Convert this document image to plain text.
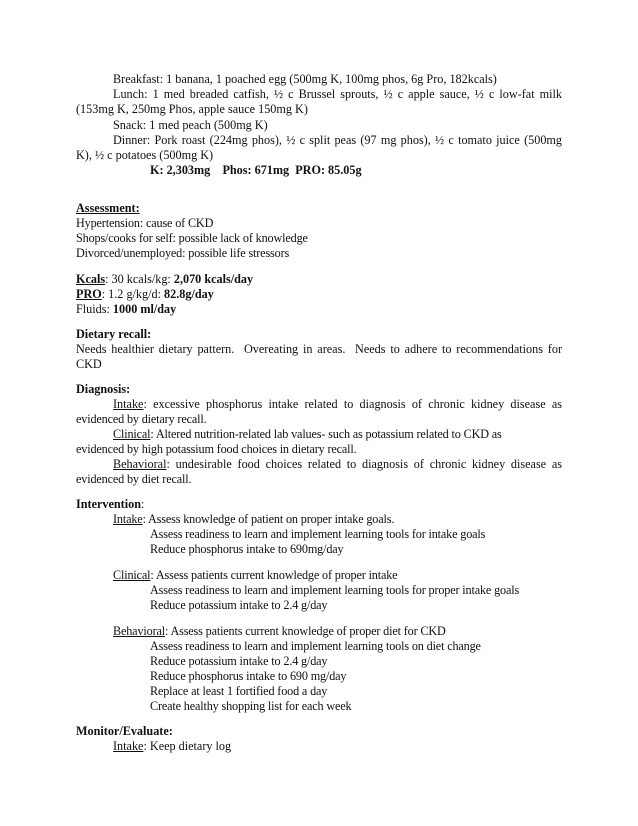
Breakfast: 1 banana, 1 poached egg (500mg K, 100mg phos, 6g Pro, 182kcals)
Lunch: 1 med breaded catfish, ½ c Brussel sprouts, ½ c apple sauce, ½ c low-fat milk
(153mg K, 250mg Phos, apple sauce 150mg K)
Snack: 1 med peach (500mg K)
Dinner: Pork roast (224mg phos), ½ c split peas (97 mg phos), ½ c tomato juice (500mg
K), ½ c potatoes (500mg K)
K: 2,303mg    Phos: 671mg  PRO: 85.05g
Assessment:
Hypertension: cause of CKD
Shops/cooks for self: possible lack of knowledge
Divorced/unemployed: possible life stressors
Kcals: 30 kcals/kg: 2,070 kcals/day
PRO: 1.2 g/kg/d: 82.8g/day
Fluids: 1000 ml/day
Dietary recall:
Needs healthier dietary pattern.  Overeating in areas.  Needs to adhere to recommendations for
CKD
Diagnosis:
Intake: excessive phosphorus intake related to diagnosis of chronic kidney disease as
evidenced by dietary recall.
Clinical: Altered nutrition-related lab values- such as potassium related to CKD as
evidenced by high potassium food choices in dietary recall.
Behavioral: undesirable food choices related to diagnosis of chronic kidney disease as
evidenced by diet recall.
Intervention:
Intake: Assess knowledge of patient on proper intake goals.
Assess readiness to learn and implement learning tools for intake goals
Reduce phosphorus intake to 690mg/day
Clinical: Assess patients current knowledge of proper intake
Assess readiness to learn and implement learning tools for proper intake goals
Reduce potassium intake to 2.4 g/day
Behavioral: Assess patients current knowledge of proper diet for CKD
Assess readiness to learn and implement learning tools on diet change
Reduce potassium intake to 2.4 g/day
Reduce phosphorus intake to 690 mg/day
Replace at least 1 fortified food a day
Create healthy shopping list for each week
Monitor/Evaluate:
Intake: Keep dietary log
